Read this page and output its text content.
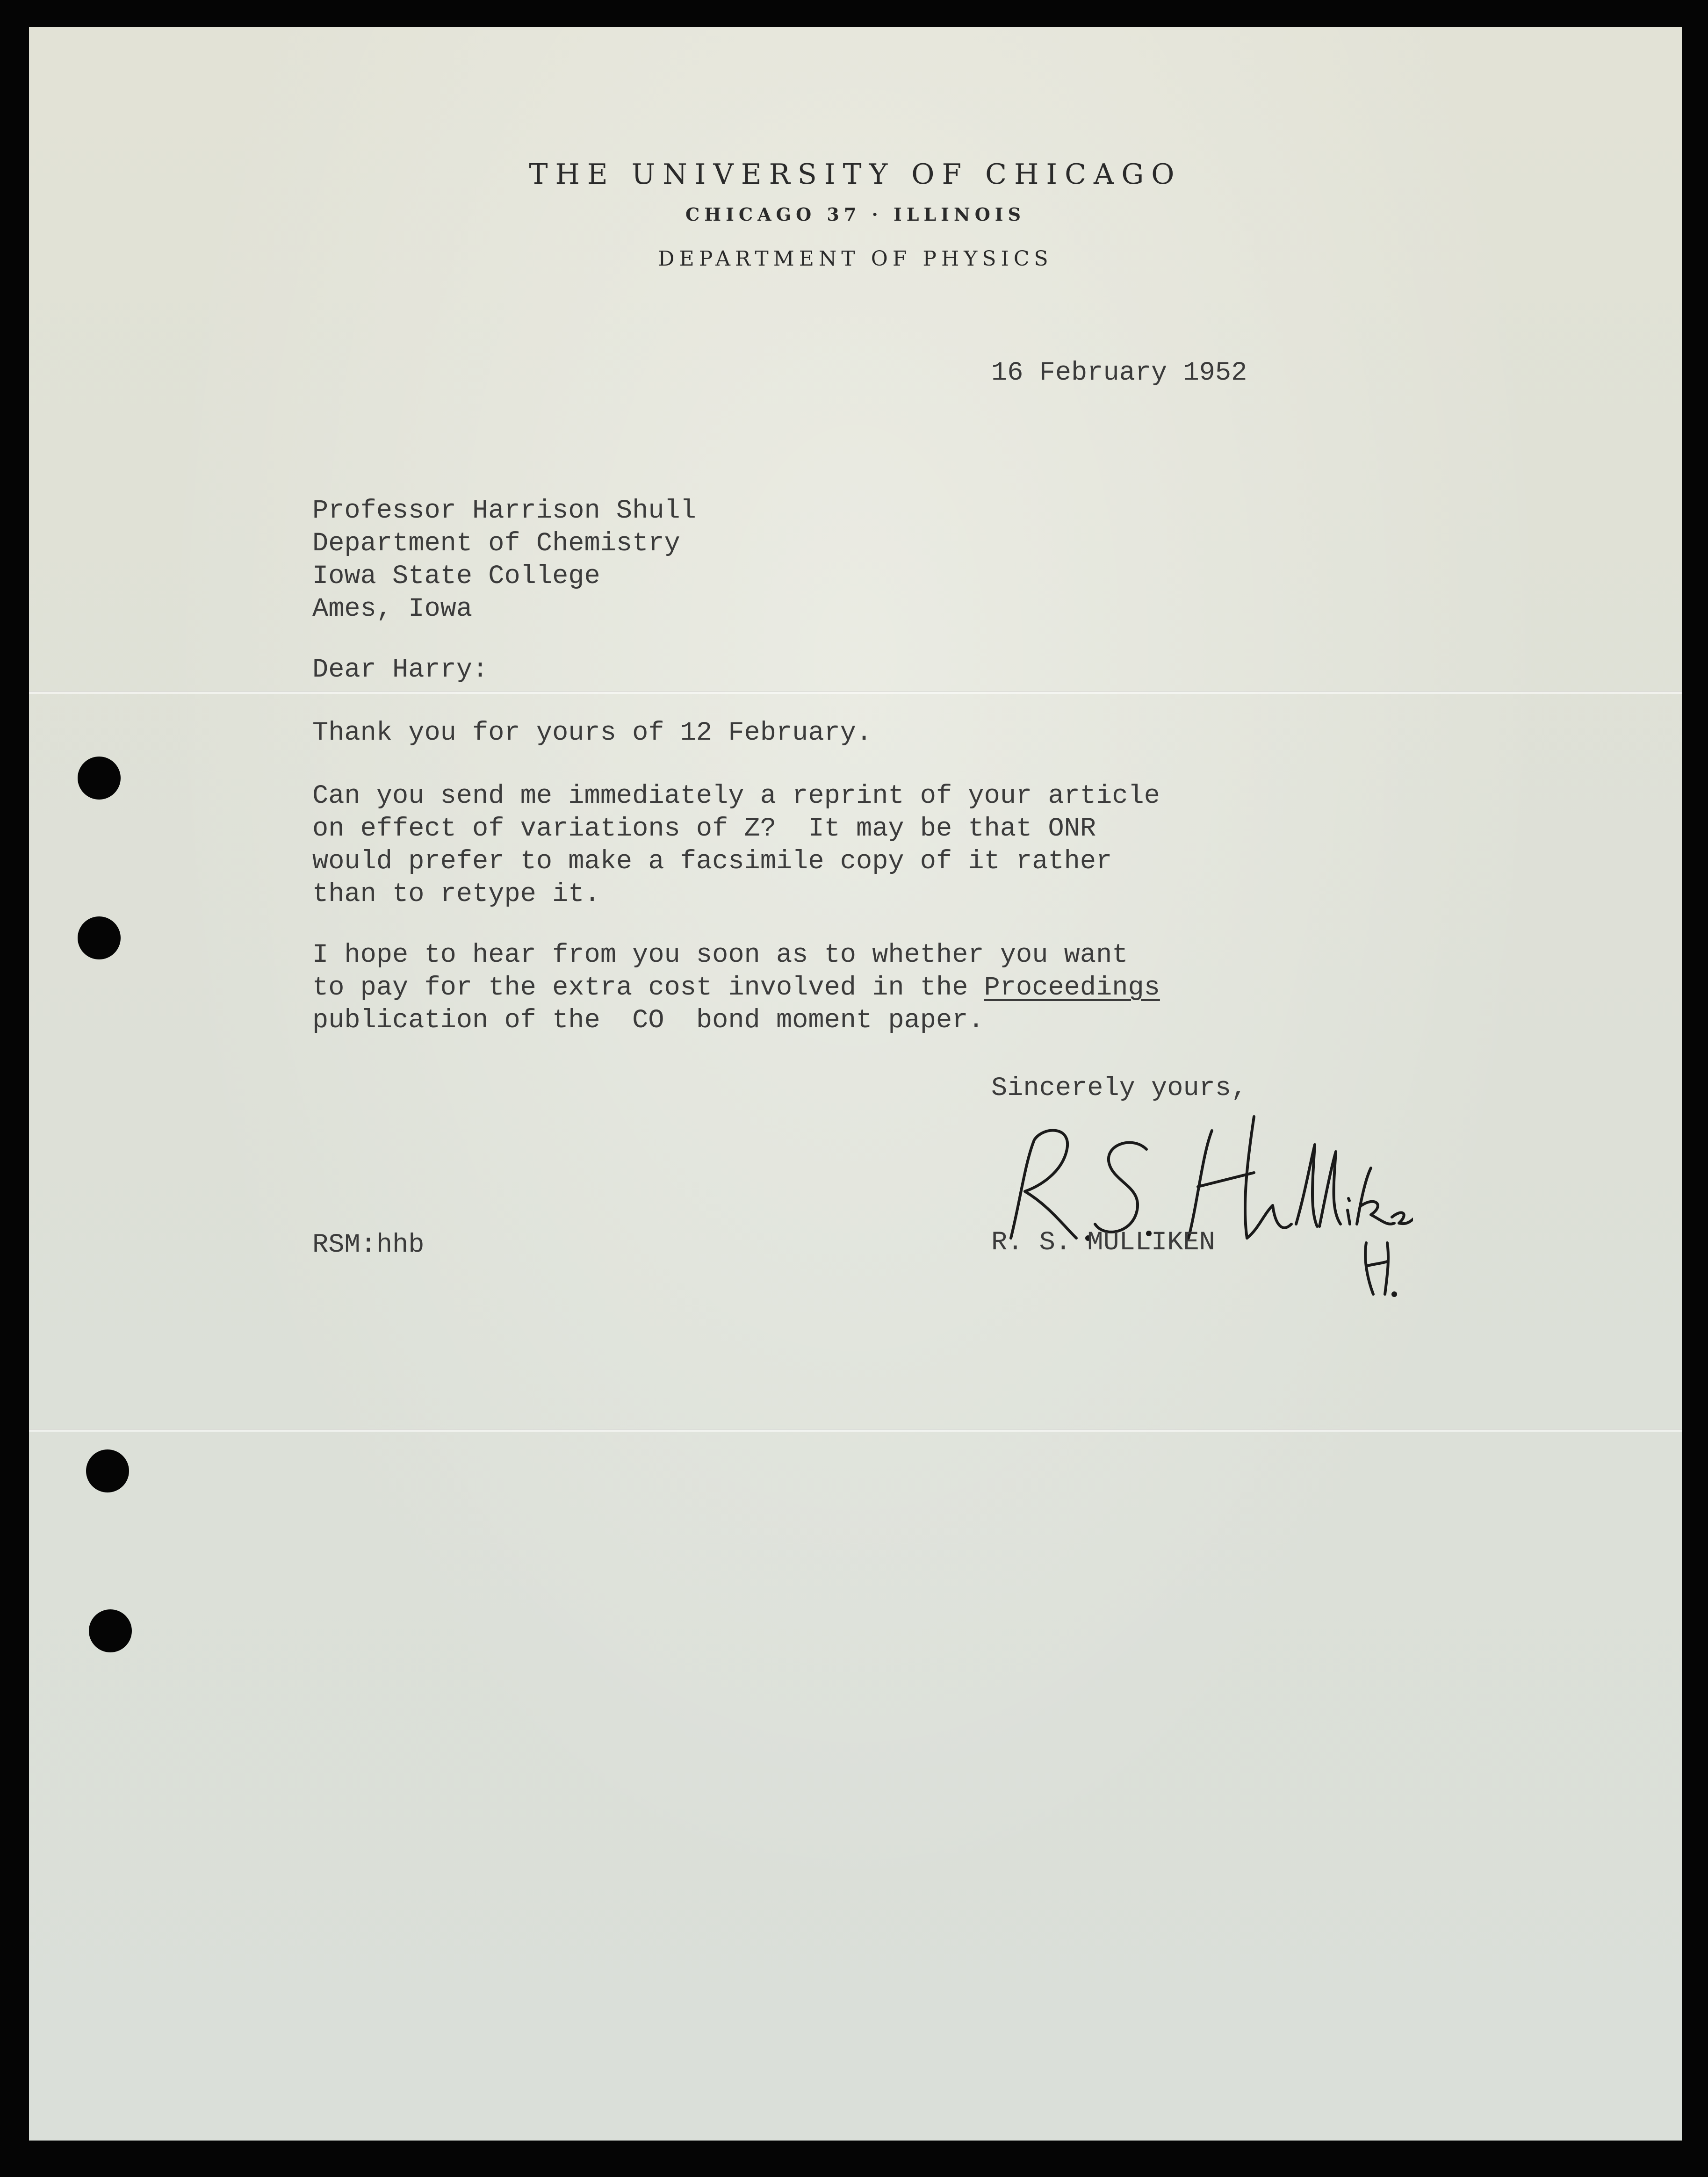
THE UNIVERSITY OF CHICAGO
CHICAGO 37 · ILLINOIS
DEPARTMENT OF PHYSICS
16 February 1952
Professor Harrison Shull
Department of Chemistry
Iowa State College
Ames, Iowa
Dear Harry:
Thank you for yours of 12 February.
Can you send me immediately a reprint of your article
on effect of variations of Z?  It may be that ONR
would prefer to make a facsimile copy of it rather
than to retype it.
I hope to hear from you soon as to whether you want
to pay for the extra cost involved in the Proceedings
publication of the  CO  bond moment paper.
Sincerely yours,
RSM:hhb	R. S. MULLIKEN
